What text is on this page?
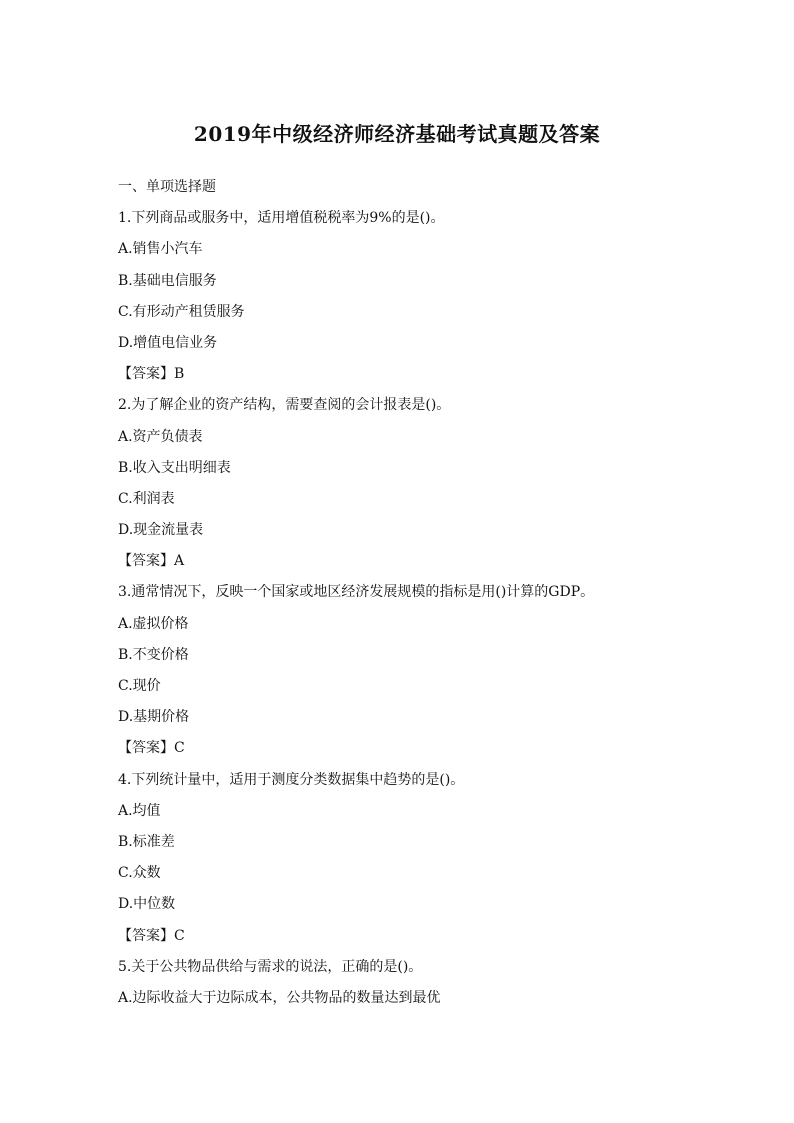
2019年中级经济师经济基础考试真题及答案
一、单项选择题
1.下列商品或服务中，适用增值税税率为9%的是()。
A.销售小汽车
B.基础电信服务
C.有形动产租赁服务
D.增值电信业务
【答案】B
2.为了解企业的资产结构，需要查阅的会计报表是()。
A.资产负债表
B.收入支出明细表
C.利润表
D.现金流量表
【答案】A
3.通常情况下，反映一个国家或地区经济发展规模的指标是用()计算的GDP。
A.虚拟价格
B.不变价格
C.现价
D.基期价格
【答案】C
4.下列统计量中，适用于测度分类数据集中趋势的是()。
A.均值
B.标准差
C.众数
D.中位数
【答案】C
5.关于公共物品供给与需求的说法，正确的是()。
A.边际收益大于边际成本，公共物品的数量达到最优
